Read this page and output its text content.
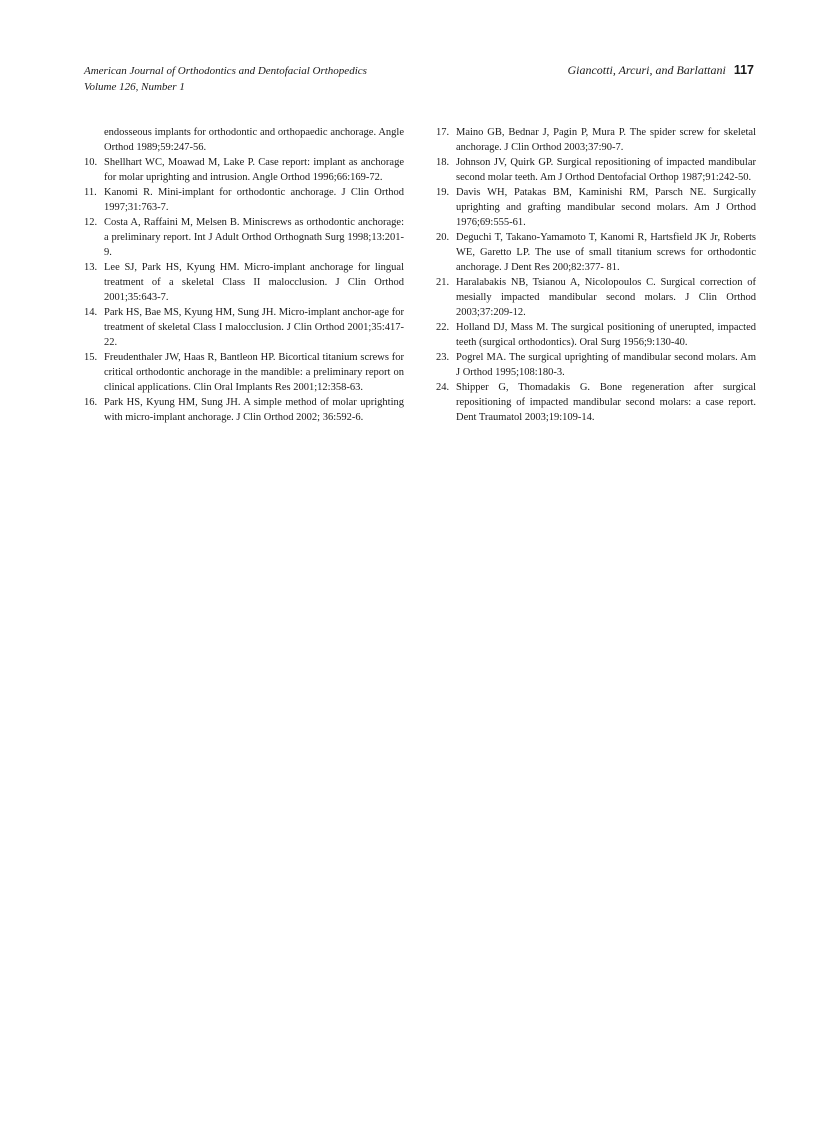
American Journal of Orthodontics and Dentofacial Orthopedics
Volume 126, Number 1
Giancotti, Arcuri, and Barlattani 117
endosseous implants for orthodontic and orthopaedic anchorage. Angle Orthod 1989;59:247-56.
10. Shellhart WC, Moawad M, Lake P. Case report: implant as anchorage for molar uprighting and intrusion. Angle Orthod 1996;66:169-72.
11. Kanomi R. Mini-implant for orthodontic anchorage. J Clin Orthod 1997;31:763-7.
12. Costa A, Raffaini M, Melsen B. Miniscrews as orthodontic anchorage: a preliminary report. Int J Adult Orthod Orthognath Surg 1998;13:201-9.
13. Lee SJ, Park HS, Kyung HM. Micro-implant anchorage for lingual treatment of a skeletal Class II malocclusion. J Clin Orthod 2001;35:643-7.
14. Park HS, Bae MS, Kyung HM, Sung JH. Micro-implant anchor-age for treatment of skeletal Class I malocclusion. J Clin Orthod 2001;35:417-22.
15. Freudenthaler JW, Haas R, Bantleon HP. Bicortical titanium screws for critical orthodontic anchorage in the mandible: a preliminary report on clinical applications. Clin Oral Implants Res 2001;12:358-63.
16. Park HS, Kyung HM, Sung JH. A simple method of molar uprighting with micro-implant anchorage. J Clin Orthod 2002; 36:592-6.
17. Maino GB, Bednar J, Pagin P, Mura P. The spider screw for skeletal anchorage. J Clin Orthod 2003;37:90-7.
18. Johnson JV, Quirk GP. Surgical repositioning of impacted mandibular second molar teeth. Am J Orthod Dentofacial Orthop 1987;91:242-50.
19. Davis WH, Patakas BM, Kaminishi RM, Parsch NE. Surgically uprighting and grafting mandibular second molars. Am J Orthod 1976;69:555-61.
20. Deguchi T, Takano-Yamamoto T, Kanomi R, Hartsfield JK Jr, Roberts WE, Garetto LP. The use of small titanium screws for orthodontic anchorage. J Dent Res 200;82:377- 81.
21. Haralabakis NB, Tsianou A, Nicolopoulos C. Surgical correction of mesially impacted mandibular second molars. J Clin Orthod 2003;37:209-12.
22. Holland DJ, Mass M. The surgical positioning of unerupted, impacted teeth (surgical orthodontics). Oral Surg 1956;9:130-40.
23. Pogrel MA. The surgical uprighting of mandibular second molars. Am J Orthod 1995;108:180-3.
24. Shipper G, Thomadakis G. Bone regeneration after surgical repositioning of impacted mandibular second molars: a case report. Dent Traumatol 2003;19:109-14.
